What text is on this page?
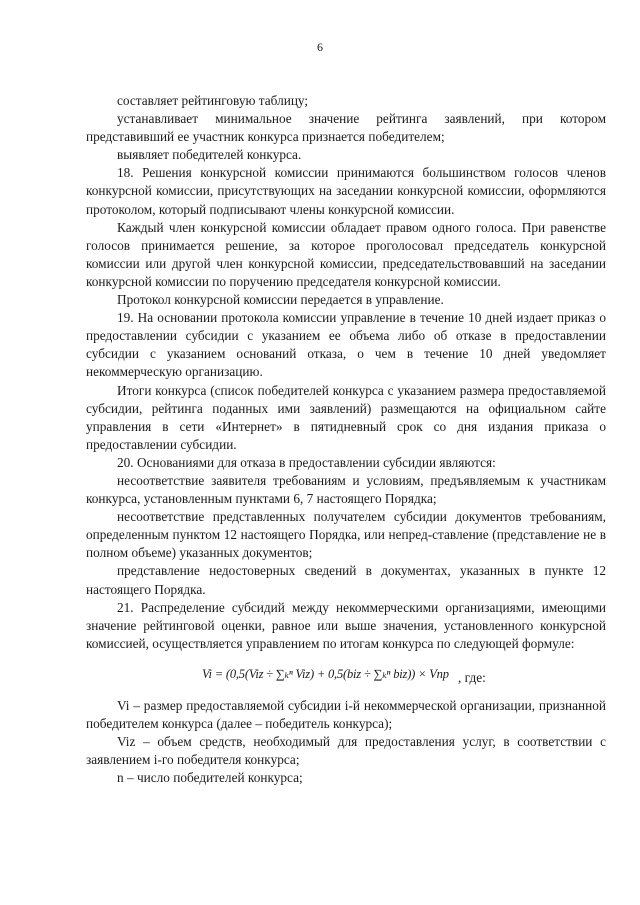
6

составляет рейтинговую таблицу;

устанавливает минимальное значение рейтинга заявлений, при котором представивший ее участник конкурса признается победителем;

выявляет победителей конкурса.

18. Решения конкурсной комиссии принимаются большинством голосов членов конкурсной комиссии, присутствующих на заседании конкурсной комиссии, оформляются протоколом, который подписывают члены конкурсной комиссии.

Каждый член конкурсной комиссии обладает правом одного голоса. При равенстве голосов принимается решение, за которое проголосовал председатель конкурсной комиссии или другой член конкурсной комиссии, председательствовавший на заседании конкурсной комиссии по поручению председателя конкурсной комиссии.

Протокол конкурсной комиссии передается в управление.

19. На основании протокола комиссии управление в течение 10 дней издает приказ о предоставлении субсидии с указанием ее объема либо об отказе в предоставлении субсидии с указанием оснований отказа, о чем в течение 10 дней уведомляет некоммерческую организацию.

Итоги конкурса (список победителей конкурса с указанием размера предоставляемой субсидии, рейтинга поданных ими заявлений) размещаются на официальном сайте управления в сети «Интернет» в пятидневный срок со дня издания приказа о предоставлении субсидии.

20. Основаниями для отказа в предоставлении субсидии являются:

несоответствие заявителя требованиям и условиям, предъявляемым к участникам конкурса, установленным пунктами 6, 7 настоящего Порядка;

несоответствие представленных получателем субсидии документов требованиям, определенным пунктом 12 настоящего Порядка, или непред-ставление (представление не в полном объеме) указанных документов;

представление недостоверных сведений в документах, указанных в пункте 12 настоящего Порядка.

21. Распределение субсидий между некоммерческими организациями, имеющими значение рейтинговой оценки, равное или выше значения, установленного конкурсной комиссией, осуществляется управлением по итогам конкурса по следующей формуле:

Vi = (0,5(Viz ÷ ∑ₖⁿ Viz) + 0,5(biz ÷ ∑ₖⁿ biz)) × Vnp , где:

Vi – размер предоставляемой субсидии i-й некоммерческой организации, признанной победителем конкурса (далее – победитель конкурса);

Viz – объем средств, необходимый для предоставления услуг, в соответствии с заявлением i-го победителя конкурса;

n – число победителей конкурса;
